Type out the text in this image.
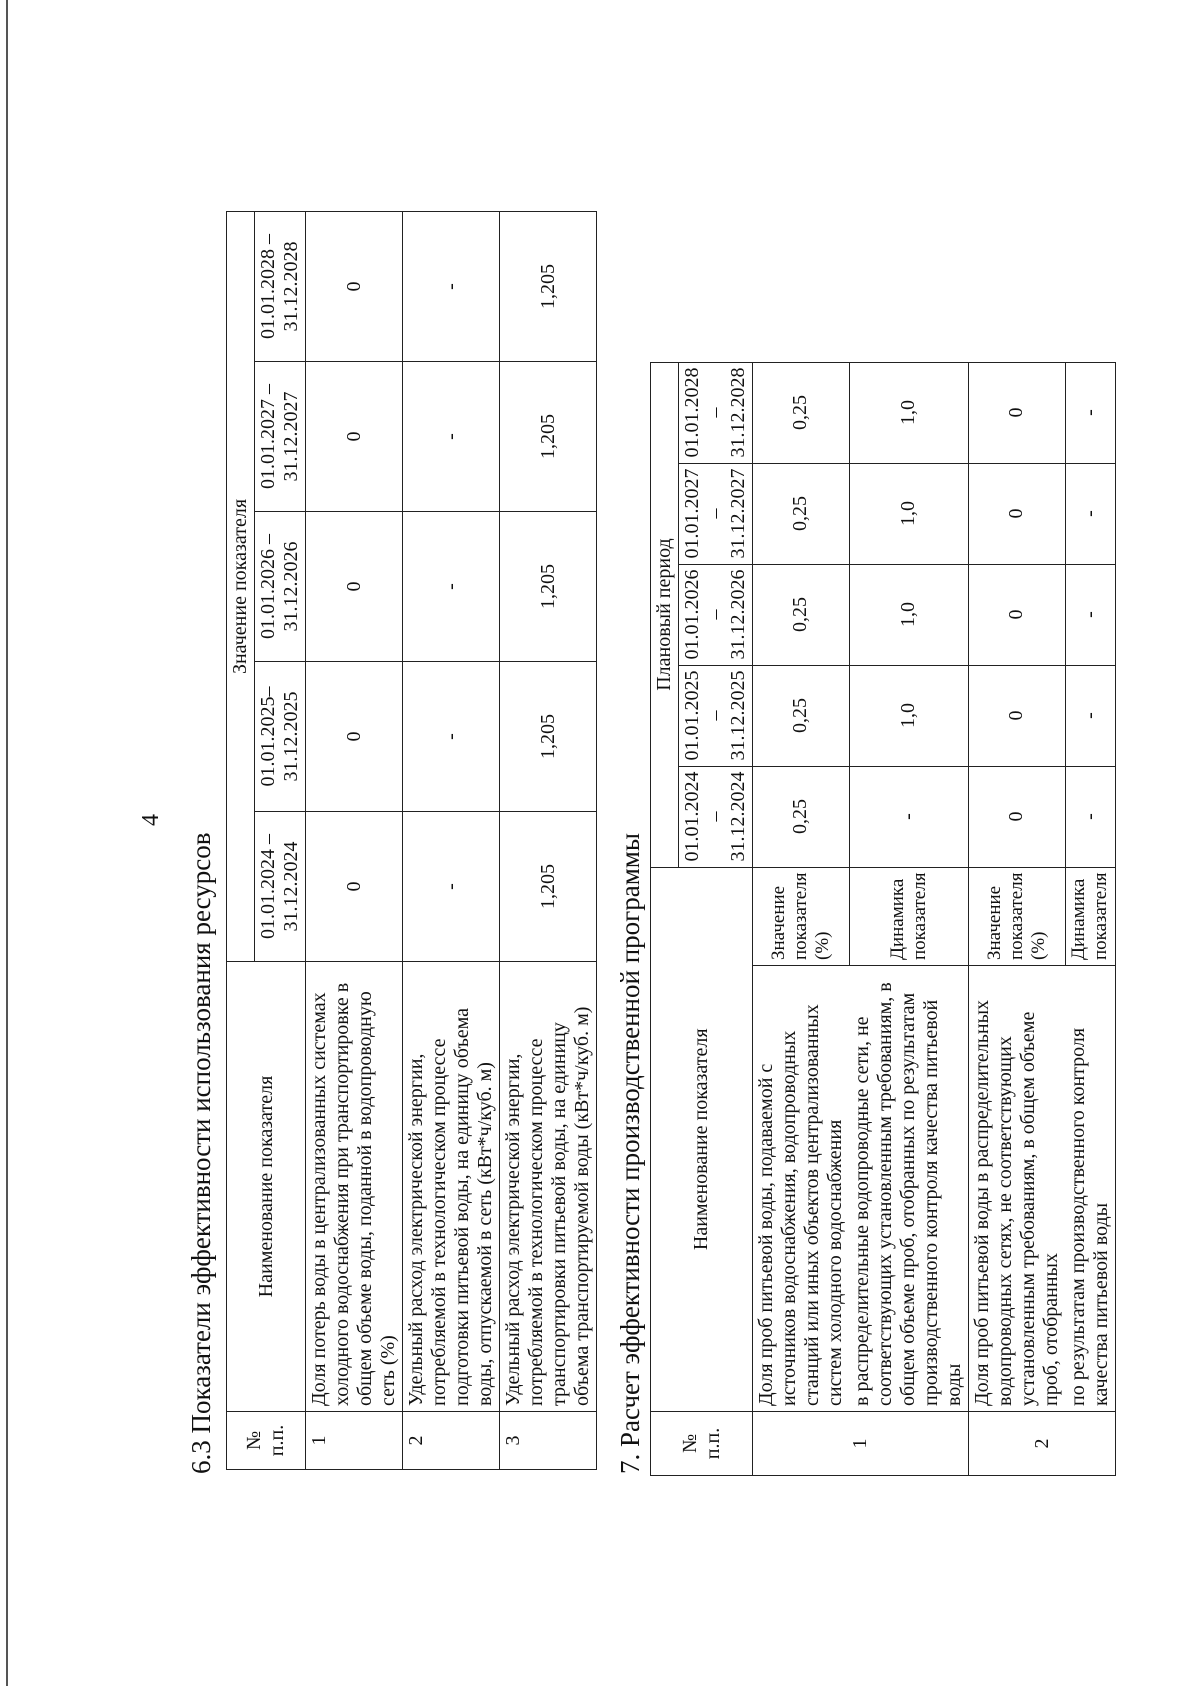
4
6.3 Показатели эффективности использования ресурсов № п.п.	Наименование показателя	Значение показателя				
		01.01.2024 – 31.12.2024	01.01.2025– 31.12.2025	01.01.2026 – 31.12.2026	01.01.2027 – 31.12.2027	01.01.2028 – 31.12.2028
1	Доля потерь воды в централизованных системах холодного водоснабжения при транспортировке в общем объеме воды, поданной в водопроводную сеть (%)	0	0	0	0	0
2	Удельный расход электрической энергии, потребляемой в технологическом процессе подготовки питьевой воды, на единицу объема воды, отпускаемой в сеть (кВт*ч/куб. м)	-	-	-	-	-
3	Удельный расход электрической энергии, потребляемой в технологическом процессе транспортировки питьевой воды, на единицу объема транспортируемой воды (кВт*ч/куб. м)	1,205	1,205	1,205	1,205	1,205
7. Расчет эффективности производственной программы № п.п.	Наименование показателя		Плановый период				
			01.01.2024	01.01.2025	01.01.2026	01.01.2027	01.01.2028
			–	–	–	–	–
			31.12.2024	31.12.2025	31.12.2026	31.12.2027	31.12.2028
1	Доля проб питьевой воды, подаваемой с источников водоснабжения, водопроводных станций или иных объектов централизованных систем холодного водоснабжения	Значение показателя (%)	0,25	0,25	0,25	0,25	0,25
	в распределительные водопроводные сети, не соответствующих установленным требованиям, в общем объеме проб, отобранных по результатам производственного контроля качества питьевой воды	Динамика показателя	-	1,0	1,0	1,0	1,0
2	Доля проб питьевой воды в распределительных водопроводных сетях, не соответствующих установленным требованиям, в общем объеме проб, отобранных	Значение показателя (%)	0	0	0	0	0
	по результатам производственного контроля качества питьевой воды	Динамика показателя	-	-	-	-	-
